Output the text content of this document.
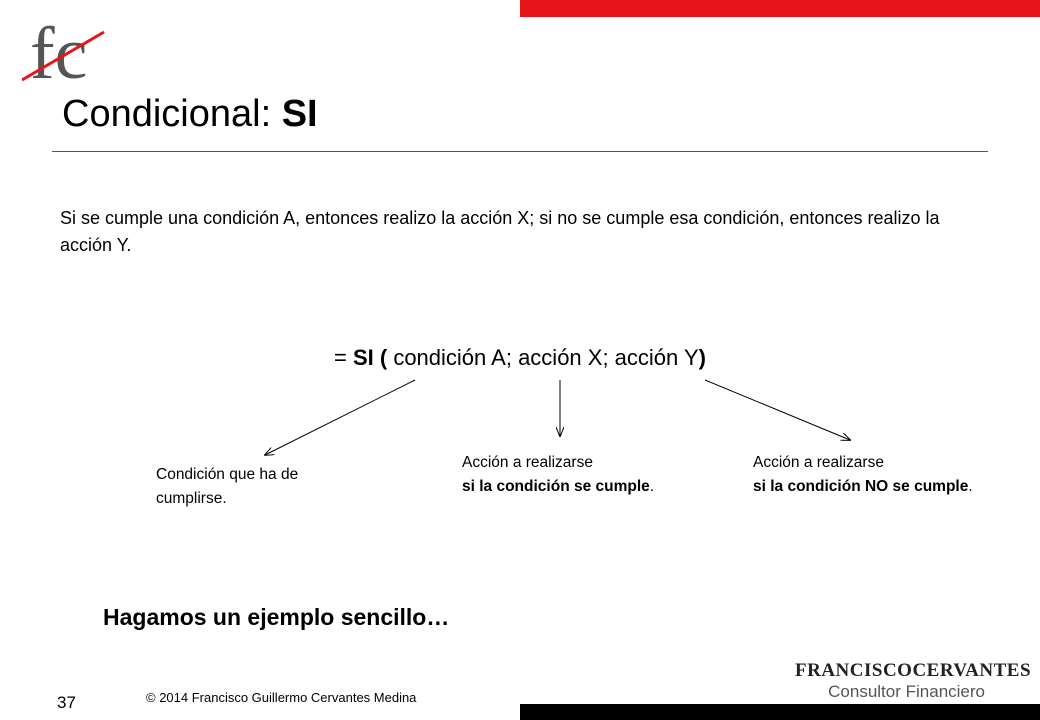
fc
Condicional: SI
Si se cumple una condición A, entonces realizo la acción X; si no se cumple esa condición, entonces realizo la acción Y.
= SI ( condición A; acción X; acción Y)
Condición que ha de
cumplirse.
Acción a realizarse
si la condición se cumple.
Acción a realizarse
si la condición NO se cumple.
Hagamos un ejemplo sencillo…
37	© 2014 Francisco Guillermo Cervantes Medina
FRANCISCOCERVANTES
Consultor Financiero
